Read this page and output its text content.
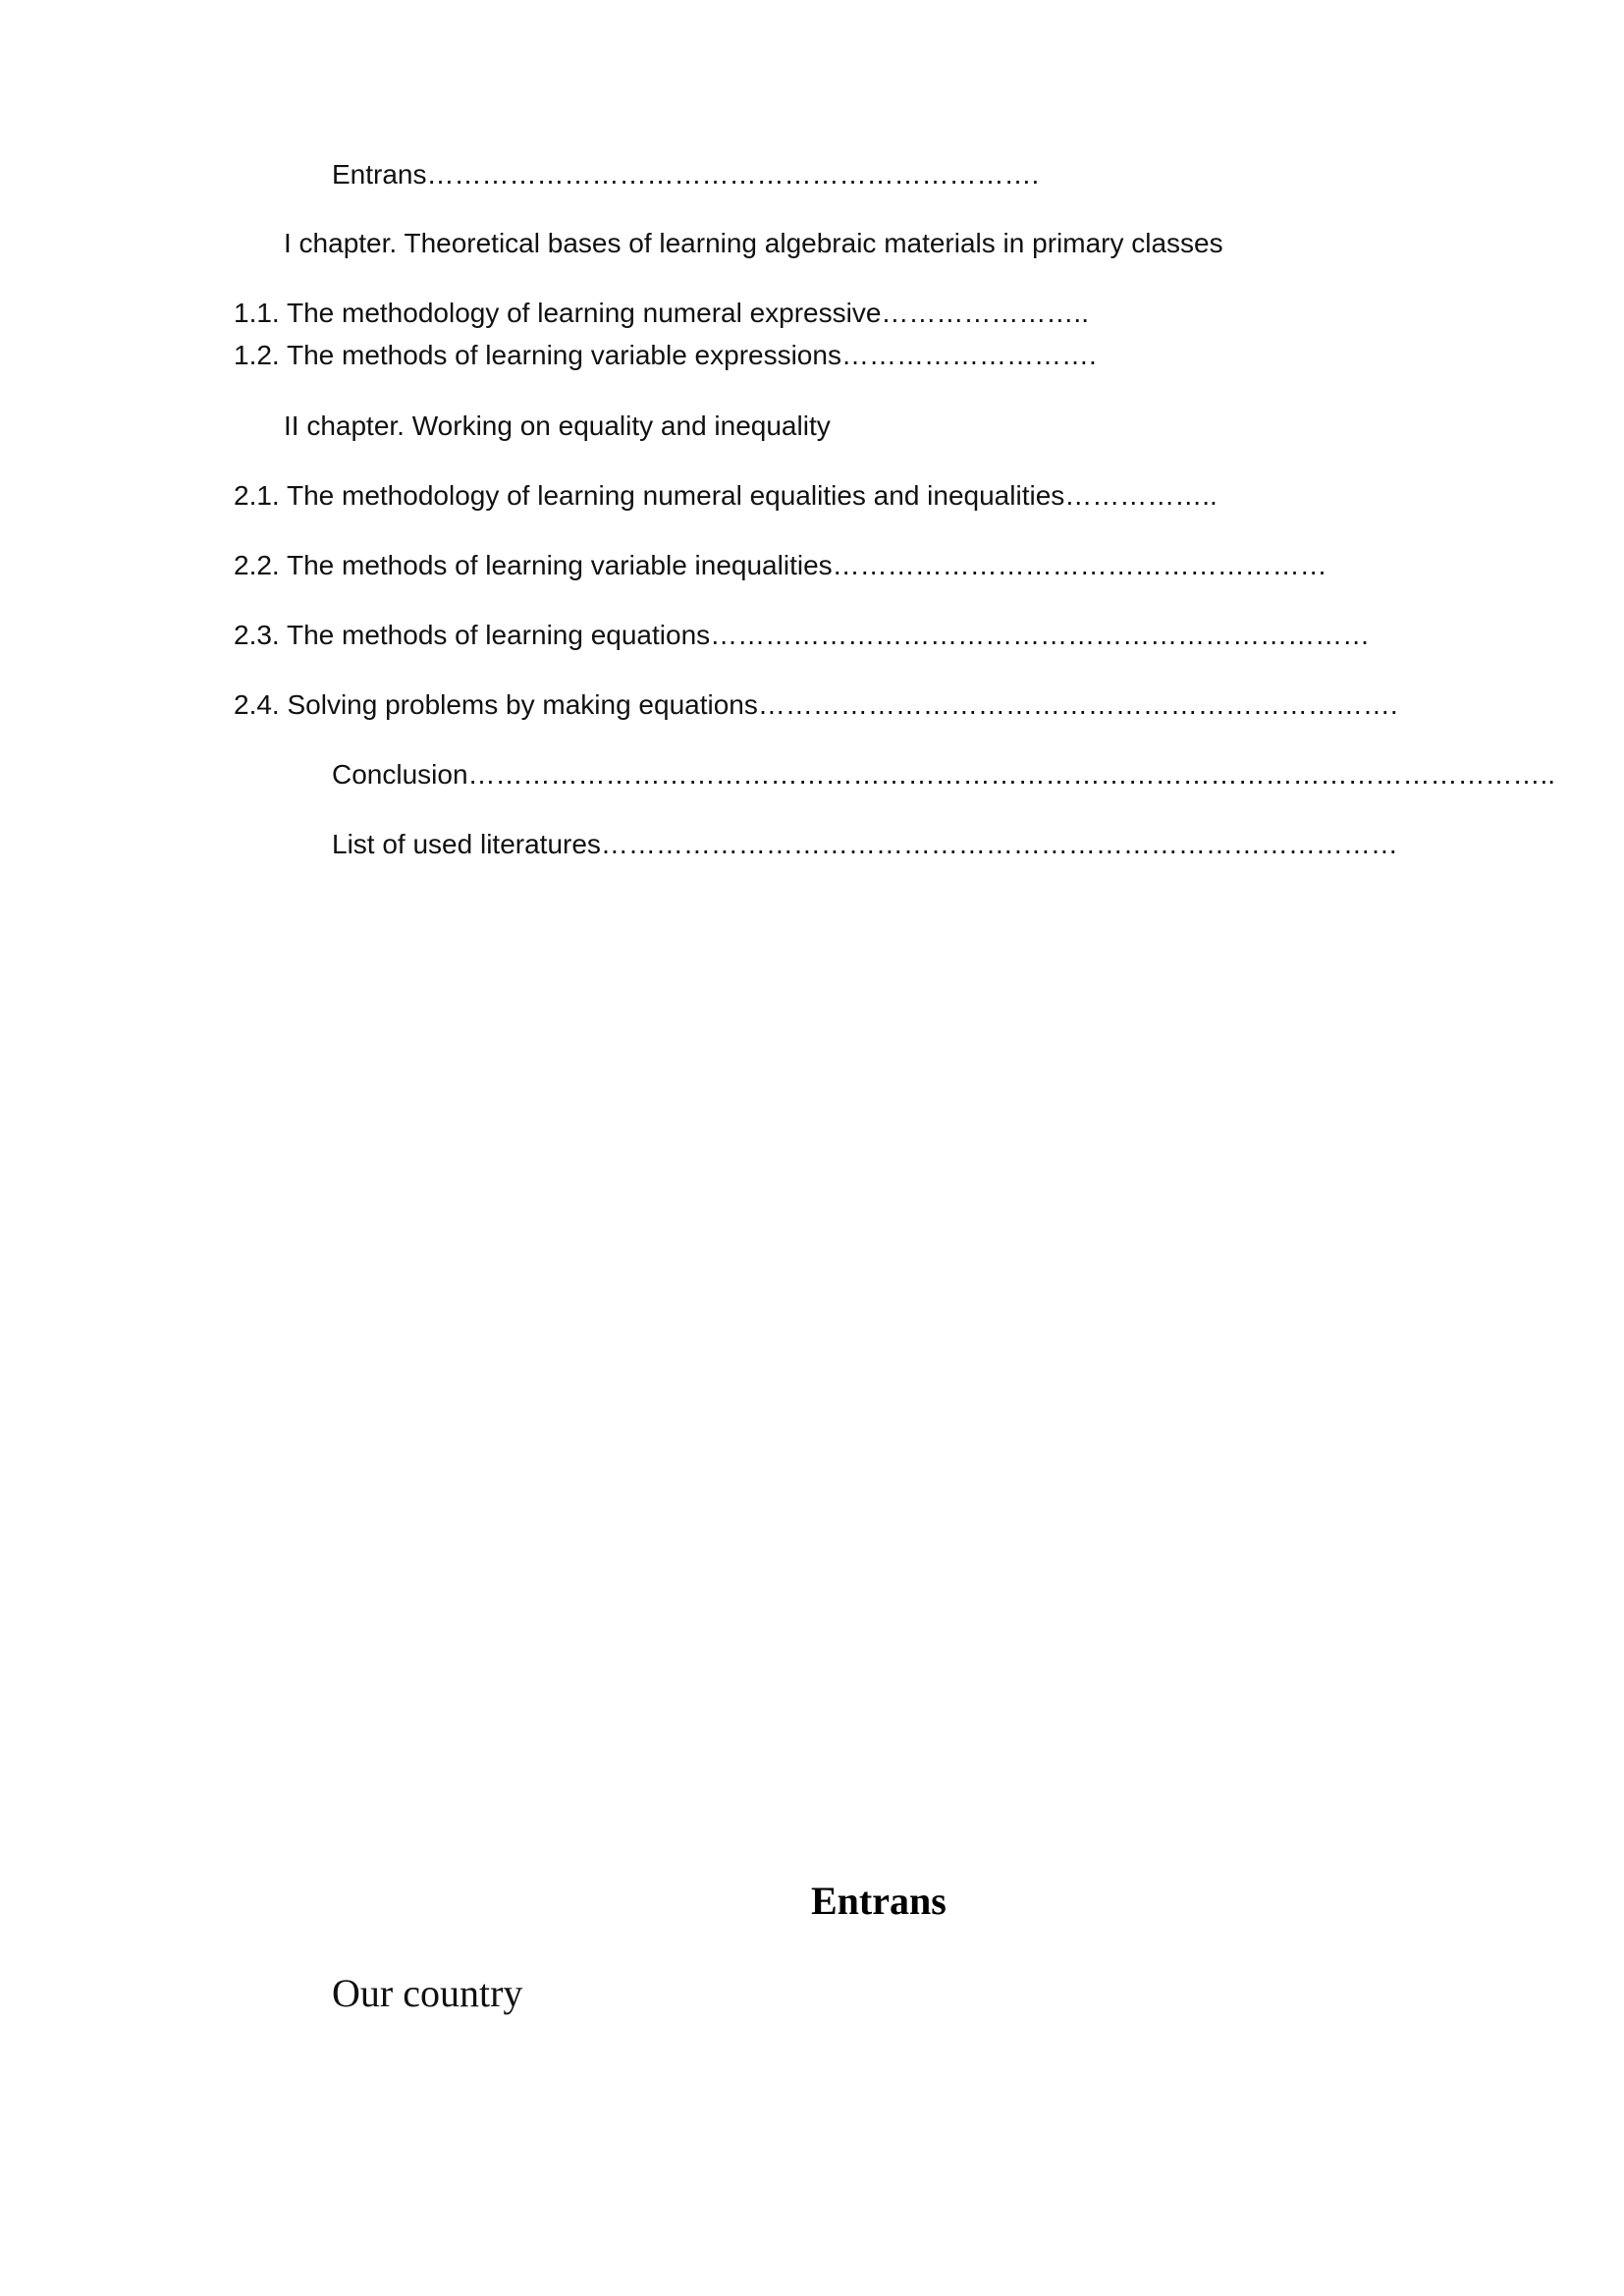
Entrans………………………………………………………….
I chapter. Theoretical bases of learning algebraic materials in primary classes
1.1. The methodology of learning numeral expressive…………………..
1.2. The methods of learning variable expressions……………………….
II chapter. Working on equality and inequality
2.1. The methodology of learning numeral equalities and inequalities……………..
2.2. The methods of learning variable inequalities………………………………………………
2.3. The methods of learning equations………………………………………………………………
2.4. Solving problems by making equations…………………………………………………………….
Conclusion………………………………………………………………………………………………………..
List of used literatures……………………………………………………………………………
Entrans
Our country
